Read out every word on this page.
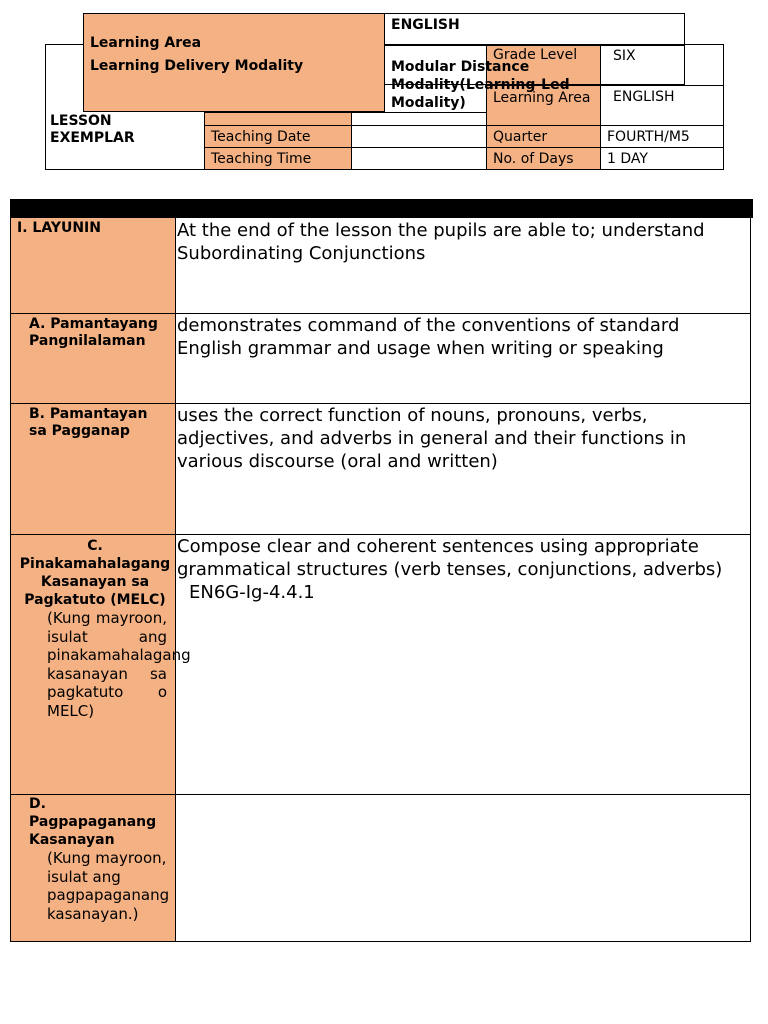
LESSON EXEMPLAR	Teaching Date
Teaching Time
Grade Level
Learning Area
Quarter
No. of Days
SIX
ENGLISH
FOURTH/M5
1 DAY
Learning Area
Learning Delivery Modality
ENGLISH
Modular Distance Modality(Learning-Led Modality)
I. LAYUNIN	At the end of the lesson the pupils are able to; understand Subordinating Conjunctions
A. Pamantayang Pangnilalaman
demonstrates command of the conventions of standard English grammar and usage when writing or speaking
B. Pamantayan sa Pagganap
uses the correct function of nouns, pronouns, verbs, adjectives, and adverbs in general and their functions in various discourse (oral and written)
C. Pinakamahalagang Kasanayan sa Pagkatuto (MELC)
(Kung mayroon, isulat ang pinakamahalagang kasanayan sa pagkatuto o MELC)
Compose clear and coherent sentences using appropriate grammatical structures (verb tenses, conjunctions, adverbs)
EN6G-Ig-4.4.1
D. Pagpapaganang Kasanayan
(Kung mayroon, isulat ang pagpapaganang kasanayan.)
